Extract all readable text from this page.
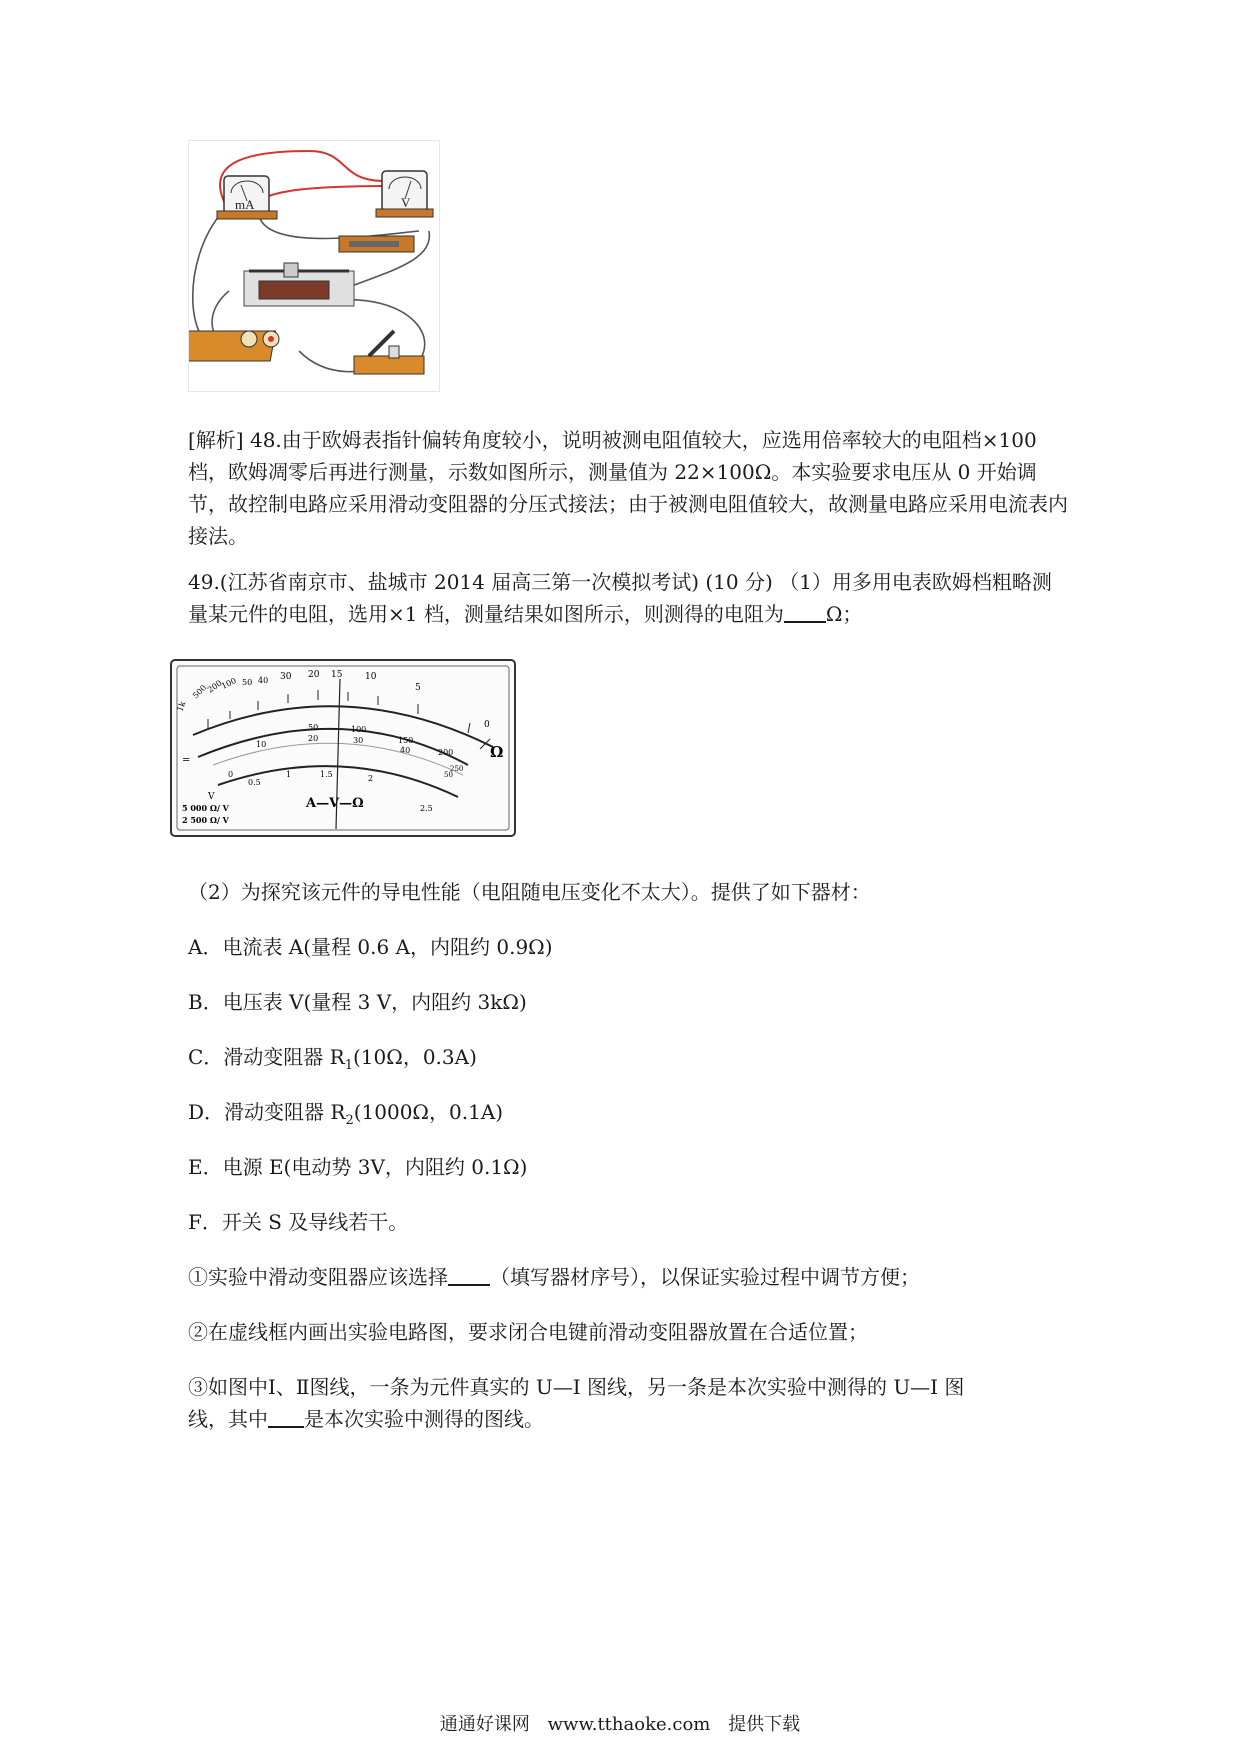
mA	V
[解析] 48.由于欧姆表指针偏转角度较小，说明被测电阻值较大，应选用倍率较大的电阻档×100档，欧姆凋零后再进行测量，示数如图所示，测量值为 22×100Ω。本实验要求电压从 0 开始调节，故控制电路应采用滑动变阻器的分压式接法；由于被测电阻值较大，故测量电路应采用电流表内接法。
49.(江苏省南京市、盐城市 2014 届高三第一次模拟考试) (10 分) （1）用多用电表欧姆档粗略测量某元件的电阻，选用×1 档，测量结果如图所示，则测得的电阻为 Ω；
1k
500
200
100 50 40 30 20 15	10
5
0
Ω
50	100
150
200
250
10
20	30
40
50
0
0.5
1	1.5	2
2.5
=
V
5 000 Ω/ V
2 500 Ω/ V
A—V—Ω
（2）为探究该元件的导电性能（电阻随电压变化不太大）。提供了如下器材：
A．电流表 A(量程 0.6 A，内阻约 0.9Ω)
B．电压表 V(量程 3 V，内阻约 3kΩ)
C．滑动变阻器 $R_1(10\Omega$，0.3A)
D．滑动变阻器 $R_2(1000\Omega$，0.1A)
E．电源 E(电动势 3V，内阻约 0.1Ω)
F．开关 S 及导线若干。
①实验中滑动变阻器应该选择 （填写器材序号），以保证实验过程中调节方便；
②在虚线框内画出实验电路图，要求闭合电键前滑动变阻器放置在合适位置；
③如图中Ⅰ、Ⅱ图线，一条为元件真实的 U—I 图线，另一条是本次实验中测得的 U—I 图
线，其中 是本次实验中测得的图线。
通通好课网 www.tthaoke.com 提供下载
